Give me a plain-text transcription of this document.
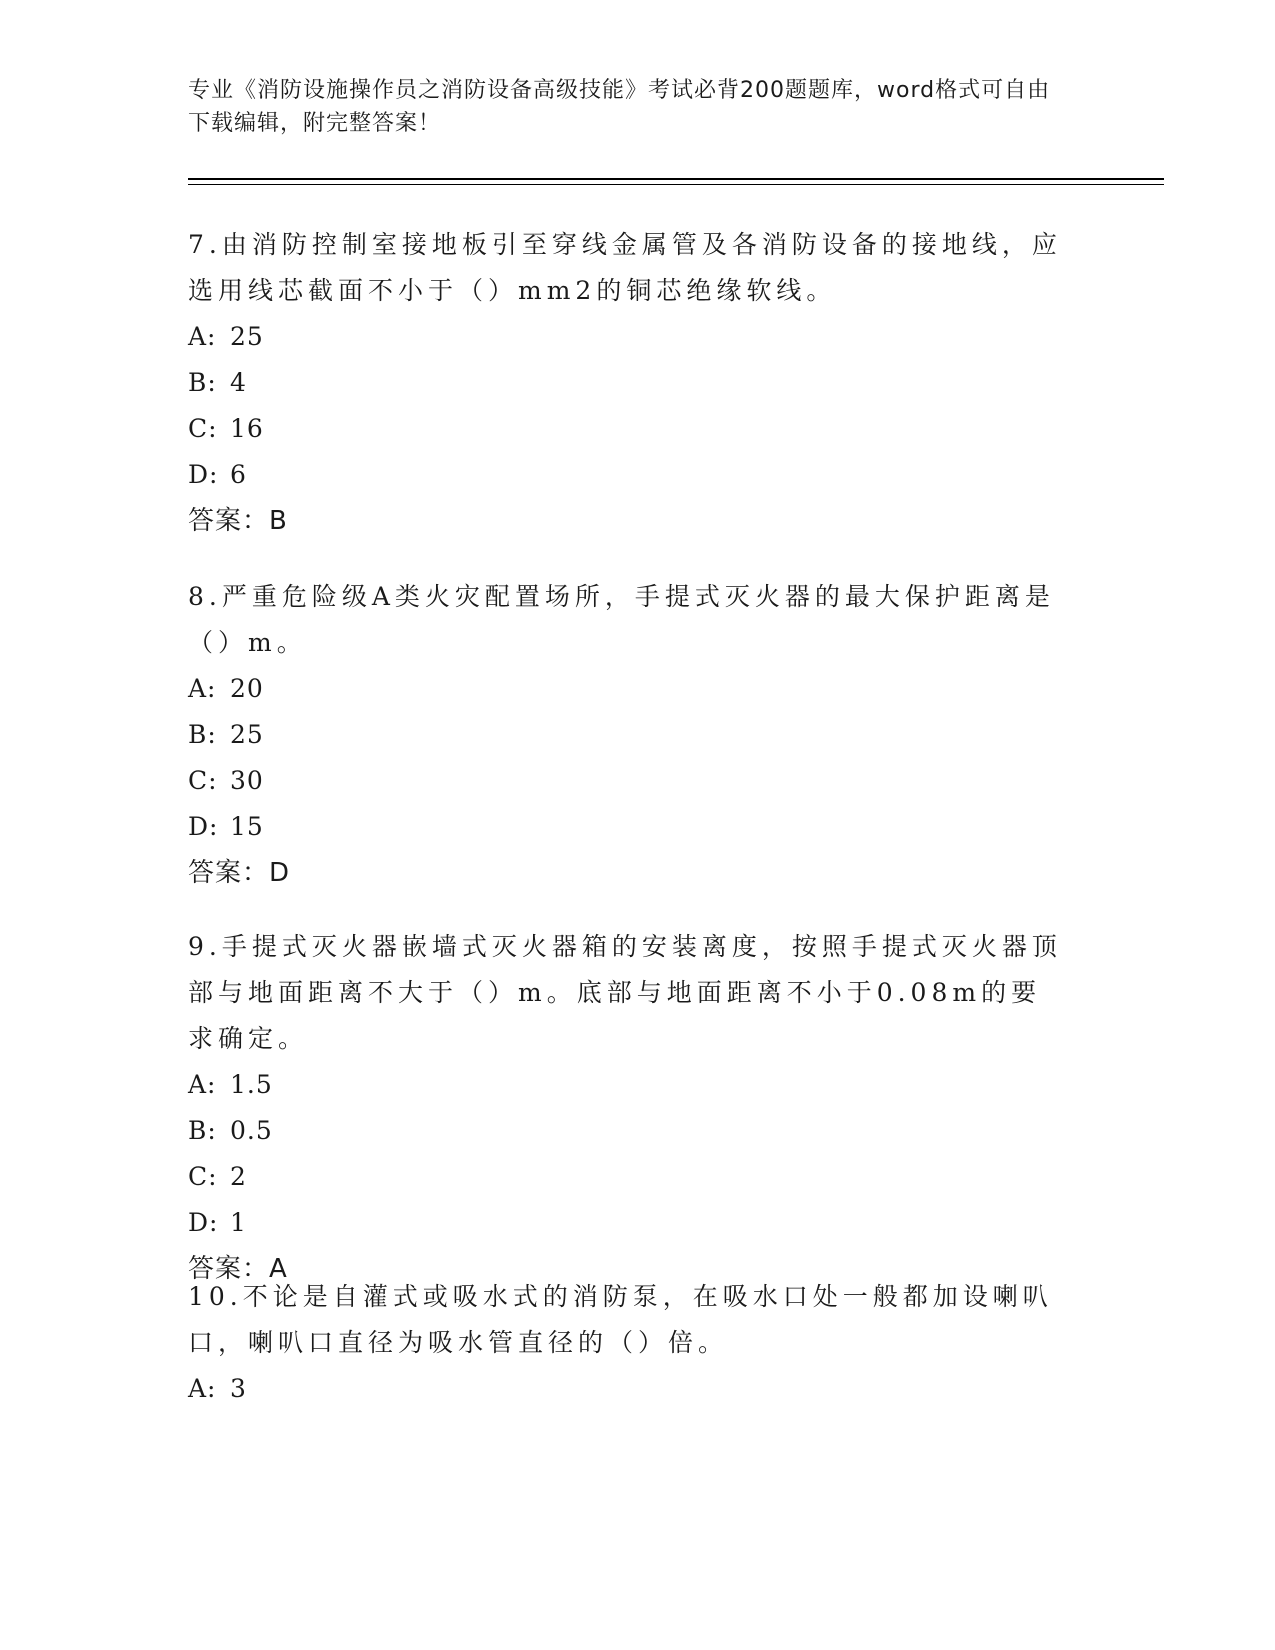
专业《消防设施操作员之消防设备高级技能》考试必背200题题库，word格式可自由下载编辑，附完整答案！

7.由消防控制室接地板引至穿线金属管及各消防设备的接地线，应选用线芯截面不小于（）mm2的铜芯绝缘软线。

A: 25
B: 4
C: 16
D: 6
答案：B

8.严重危险级A类火灾配置场所，手提式灭火器的最大保护距离是（）m。

A: 20
B: 25
C: 30
D: 15
答案：D

9.手提式灭火器嵌墙式灭火器箱的安装离度，按照手提式灭火器顶部与地面距离不大于（）m。底部与地面距离不小于0.08m的要求确定。

A: 1.5
B: 0.5
C: 2
D: 1
答案：A

10.不论是自灌式或吸水式的消防泵，在吸水口处一般都加设喇叭口，喇叭口直径为吸水管直径的（）倍。

A: 3
